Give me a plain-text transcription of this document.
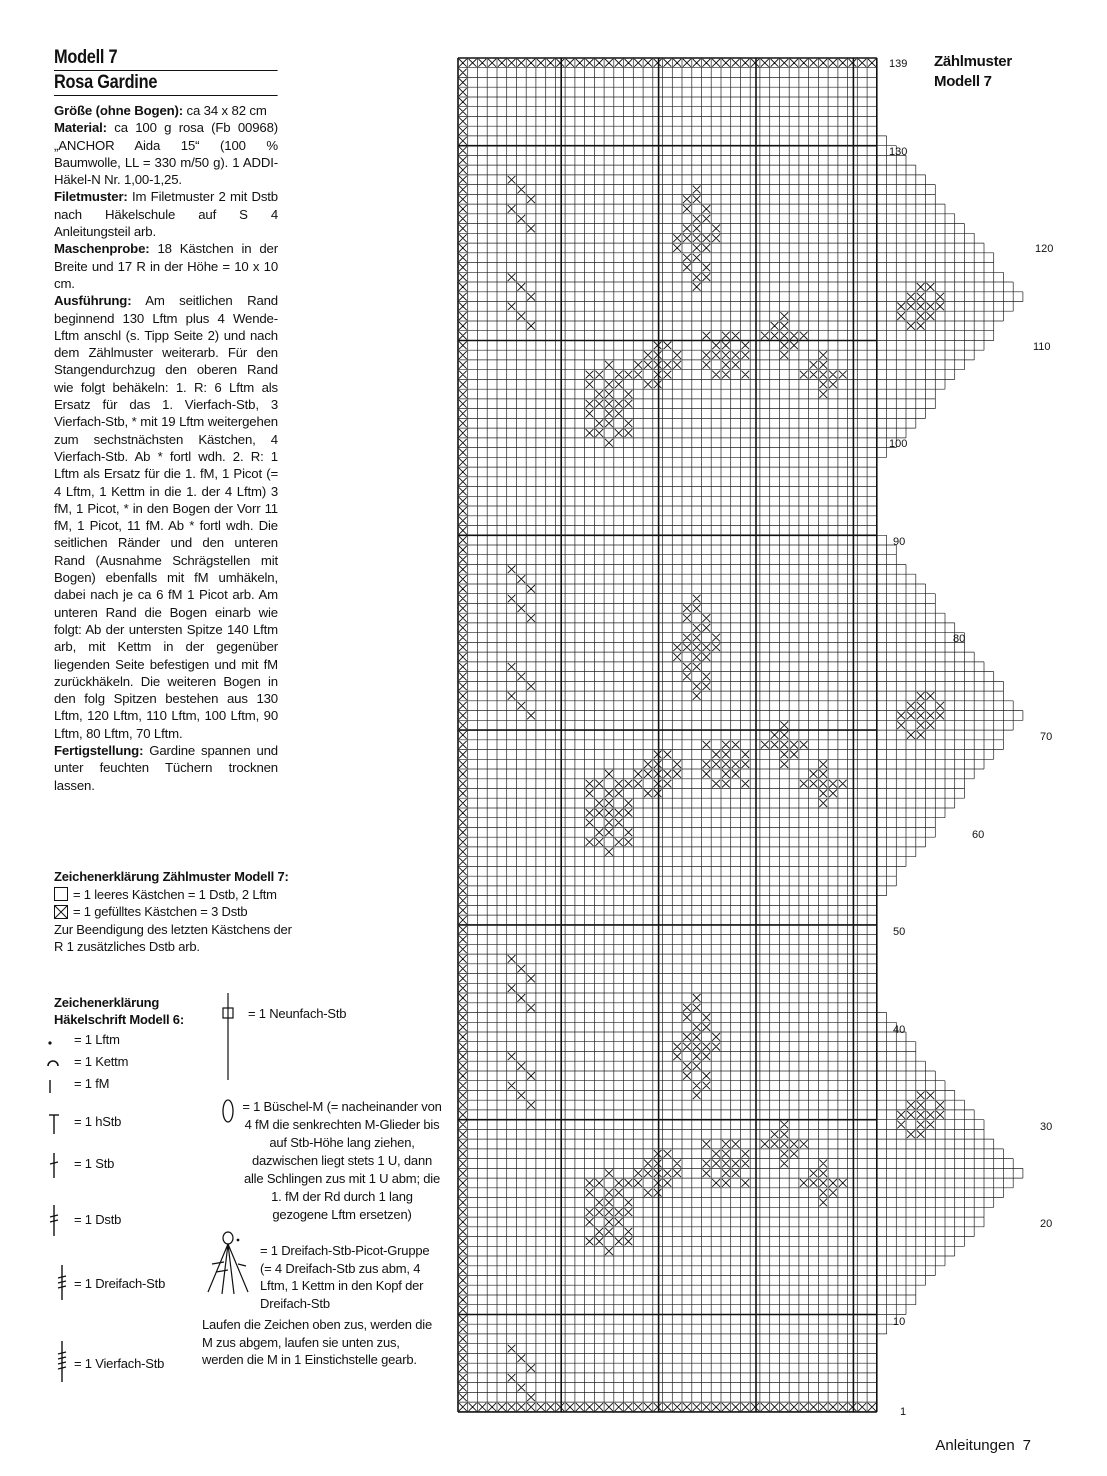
Modell 7
Rosa Gardine

Größe (ohne Bogen): ca 34 x 82 cm

Material: ca 100 g rosa (Fb 00968) „ANCHOR Aida 15“ (100 % Baumwolle, LL = 330 m/50 g). 1 ADDI-Häkel-N Nr. 1,00-1,25.

Filetmuster: Im Filetmuster 2 mit Dstb nach Häkelschule auf S 4 Anleitungsteil arb.

Maschenprobe: 18 Kästchen in der Breite und 17 R in der Höhe = 10 x 10 cm.

Ausführung: Am seitlichen Rand beginnend 130 Lftm plus 4 Wende-Lftm anschl (s. Tipp Seite 2) und nach dem Zählmuster weiterarb. Für den Stangendurchzug den oberen Rand wie folgt behäkeln: 1. R: 6 Lftm als Ersatz für das 1. Vierfach-Stb, 3 Vierfach-Stb, * mit 19 Lftm weitergehen zum sechstnächsten Kästchen, 4 Vierfach-Stb. Ab * fortl wdh. 2. R: 1 Lftm als Ersatz für die 1. fM, 1 Picot (= 4 Lftm, 1 Kettm in die 1. der 4 Lftm) 3 fM, 1 Picot, * in den Bogen der Vorr 11 fM, 1 Picot, 11 fM. Ab * fortl wdh. Die seitlichen Ränder und den unteren Rand (Ausnahme Schrägstellen mit Bogen) ebenfalls mit fM umhäkeln, dabei nach je ca 6 fM 1 Picot arb. Am unteren Rand die Bogen einarb wie folgt: Ab der untersten Spitze 140 Lftm arb, mit Kettm in der gegenüber liegenden Seite befestigen und mit fM zurückhäkeln. Die weiteren Bogen in den folg Spitzen bestehen aus 130 Lftm, 120 Lftm, 110 Lftm, 100 Lftm, 90 Lftm, 80 Lftm, 70 Lftm.

Fertigstellung: Gardine spannen und unter feuchten Tüchern trocknen lassen.

Zeichenerklärung Zählmuster Modell 7:
= 1 leeres Kästchen = 1 Dstb, 2 Lftm
= 1 gefülltes Kästchen = 3 Dstb
Zur Beendigung des letzten Kästchens der R 1 zusätzliches Dstb arb.
Zeichenerklärung
Häkelschrift Modell 6:
= 1 Lftm
= 1 Kettm
= 1 fM
= 1 hStb
= 1 Stb
= 1 Dstb
= 1 Dreifach-Stb
= 1 Vierfach-Stb
= 1 Neunfach-Stb
= 1 Büschel-M (= nacheinander von 4 fM die senkrechten M-Glieder bis auf Stb-Höhe lang ziehen, dazwischen liegt stets 1 U, dann alle Schlingen zus mit 1 U abm; die 1. fM der Rd durch 1 lang gezogene Lftm ersetzen)
= 1 Dreifach-Stb-Picot-Gruppe (= 4 Dreifach-Stb zus abm, 4 Lftm, 1 Kettm in den Kopf der Dreifach-Stb
Laufen die Zeichen oben zus, werden die M zus abgem, laufen sie unten zus, werden die M in 1 Einstichstelle gearb.
Zählmuster
Modell 7
139
130
120
110
100
90
80
70
60
50
40
30
20
10
1
Anleitungen 7
